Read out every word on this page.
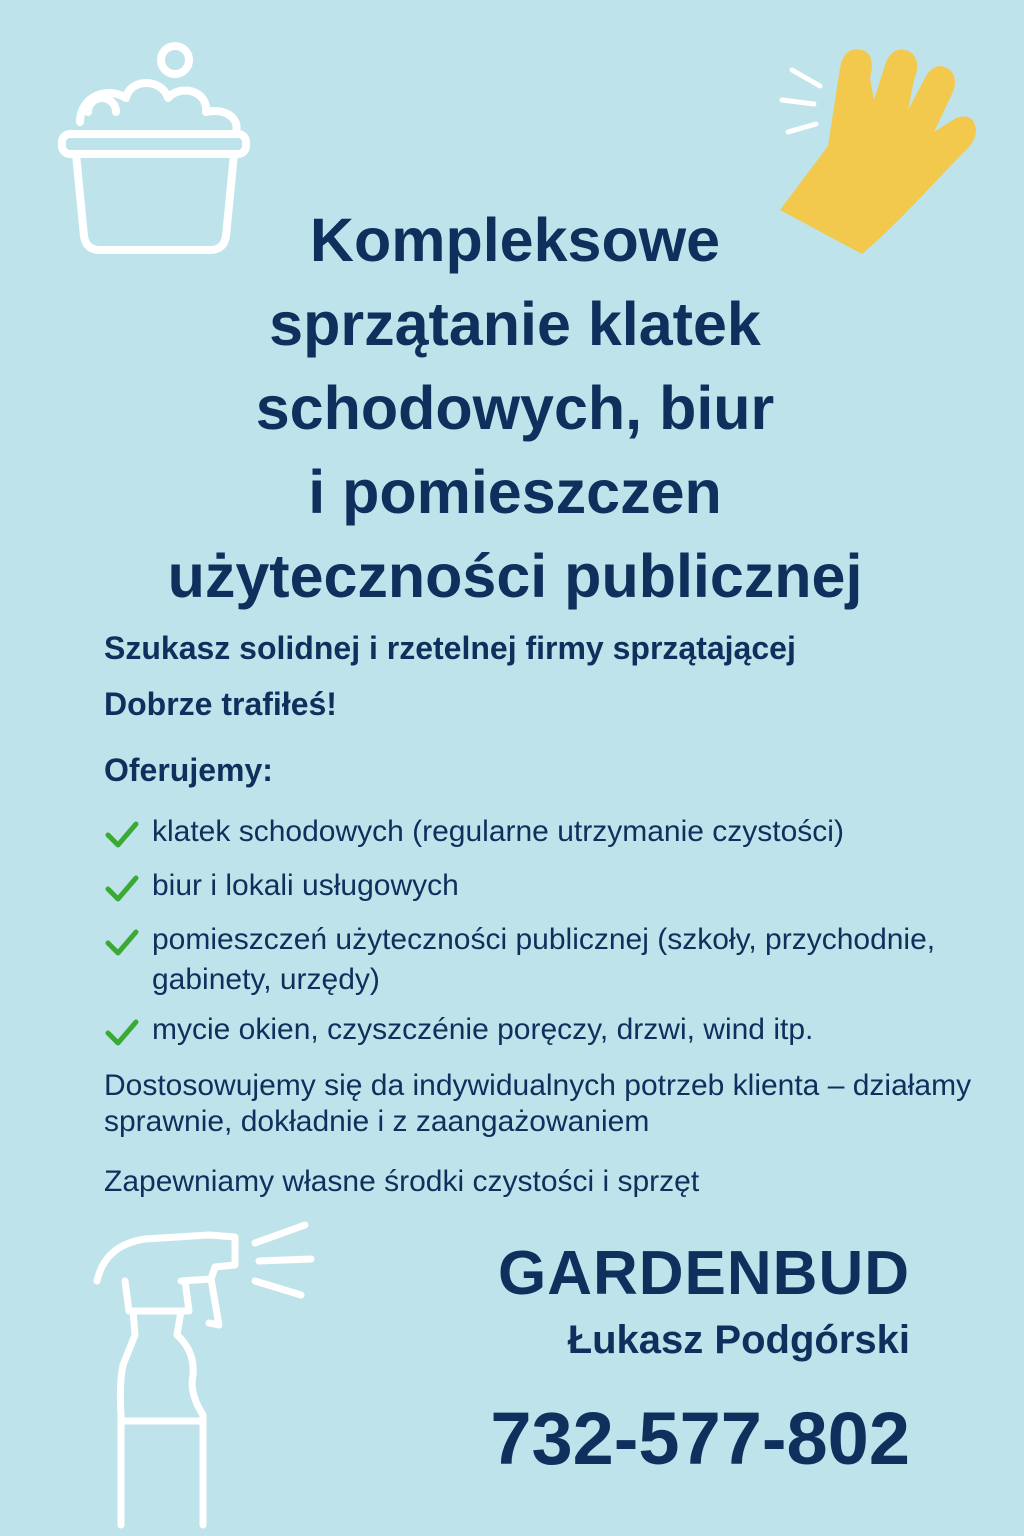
Kompleksowe
sprzątanie klatek
schodowych, biur
i pomieszczen
użyteczności publicznej
Szukasz solidnej i rzetelnej firmy sprzątającej
Dobrze trafiłeś!
Oferujemy:
klatek schodowych (regularne utrzymanie czystości)
biur i lokali usługowych
pomieszczeń użyteczności publicznej (szkoły, przychodnie, gabinety, urzędy)
mycie okien, czyszczénie poręczy, drzwi, wind itp.
Dostosowujemy się da indywidualnych potrzeb klienta – działamy sprawnie, dokładnie i z zaangażowaniem
Zapewniamy własne środki czystości i sprzęt
GARDENBUD
Łukasz Podgórski
732-577-802
